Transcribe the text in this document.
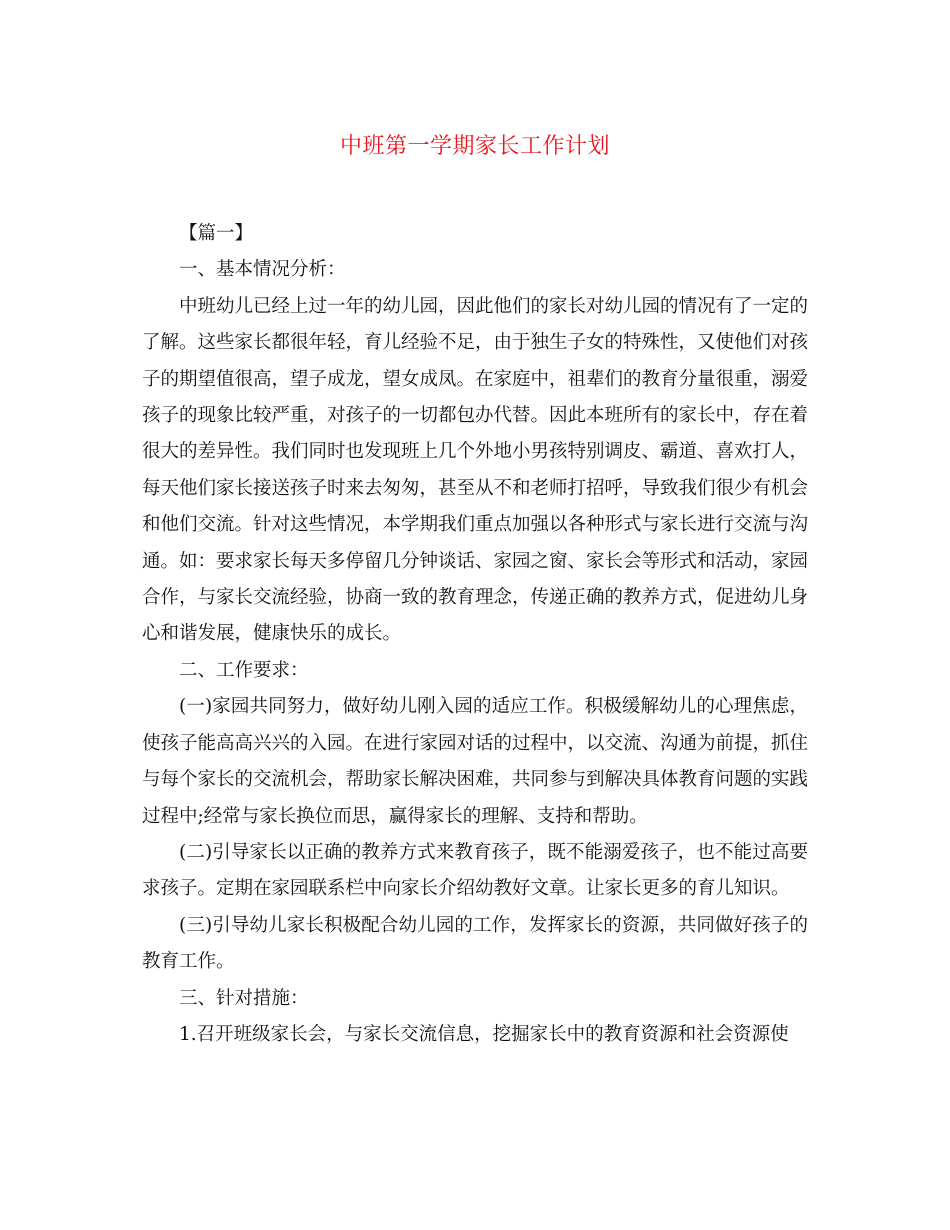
中班第一学期家长工作计划

【篇一】

一、基本情况分析：

中班幼儿已经上过一年的幼儿园，因此他们的家长对幼儿园的情况有了一定的了解。这些家长都很年轻，育儿经验不足，由于独生子女的特殊性，又使他们对孩子的期望值很高，望子成龙，望女成凤。在家庭中，祖辈们的教育分量很重，溺爱孩子的现象比较严重，对孩子的一切都包办代替。因此本班所有的家长中，存在着很大的差异性。我们同时也发现班上几个外地小男孩特别调皮、霸道、喜欢打人，每天他们家长接送孩子时来去匆匆，甚至从不和老师打招呼，导致我们很少有机会和他们交流。针对这些情况，本学期我们重点加强以各种形式与家长进行交流与沟通。如：要求家长每天多停留几分钟谈话、家园之窗、家长会等形式和活动，家园合作，与家长交流经验，协商一致的教育理念，传递正确的教养方式，促进幼儿身心和谐发展，健康快乐的成长。

二、工作要求：

(一)家园共同努力，做好幼儿刚入园的适应工作。积极缓解幼儿的心理焦虑，使孩子能高高兴兴的入园。在进行家园对话的过程中，以交流、沟通为前提，抓住与每个家长的交流机会，帮助家长解决困难，共同参与到解决具体教育问题的实践过程中;经常与家长换位而思，赢得家长的理解、支持和帮助。

(二)引导家长以正确的教养方式来教育孩子，既不能溺爱孩子，也不能过高要求孩子。定期在家园联系栏中向家长介绍幼教好文章。让家长更多的育儿知识。

(三)引导幼儿家长积极配合幼儿园的工作，发挥家长的资源，共同做好孩子的教育工作。

三、针对措施：

1.召开班级家长会，与家长交流信息，挖掘家长中的教育资源和社会资源使
